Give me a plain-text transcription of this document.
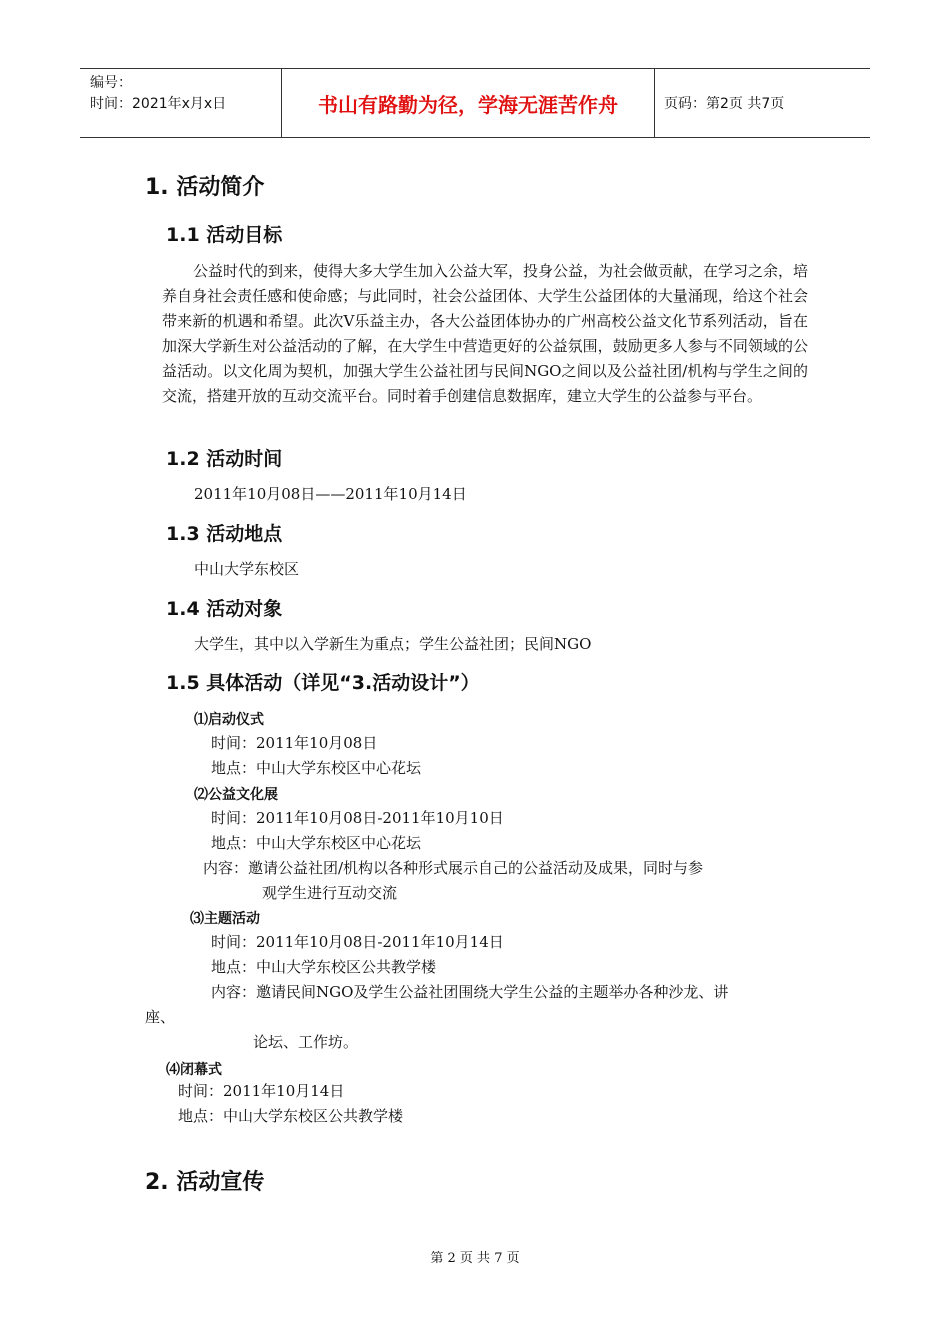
编号：
时间：2021年x月x日	书山有路勤为径，学海无涯苦作舟	页码：第2页 共7页
1. 活动简介
1.1 活动目标
公益时代的到来，使得大多大学生加入公益大军，投身公益，为社会做贡献，在学习之余，培养自身社会责任感和使命感；与此同时，社会公益团体、大学生公益团体的大量涌现，给这个社会带来新的机遇和希望。此次V乐益主办，各大公益团体协办的广州高校公益文化节系列活动，旨在加深大学新生对公益活动的了解，在大学生中营造更好的公益氛围，鼓励更多人参与不同领域的公益活动。以文化周为契机，加强大学生公益社团与民间NGO之间以及公益社团/机构与学生之间的交流，搭建开放的互动交流平台。同时着手创建信息数据库，建立大学生的公益参与平台。
1.2 活动时间
2011年10月08日——2011年10月14日
1.3 活动地点
中山大学东校区
1.4 活动对象
大学生，其中以入学新生为重点；学生公益社团；民间NGO
1.5 具体活动（详见“3.活动设计”）
⑴启动仪式
时间：2011年10月08日
地点：中山大学东校区中心花坛
⑵公益文化展
时间：2011年10月08日-2011年10月10日
地点：中山大学东校区中心花坛
内容：邀请公益社团/机构以各种形式展示自己的公益活动及成果，同时与参
观学生进行互动交流
⑶主题活动
时间：2011年10月08日-2011年10月14日
地点：中山大学东校区公共教学楼
内容：邀请民间NGO及学生公益社团围绕大学生公益的主题举办各种沙龙、讲
座、
论坛、工作坊。
⑷闭幕式
时间：2011年10月14日
地点：中山大学东校区公共教学楼
2. 活动宣传
第 2 页 共 7 页
